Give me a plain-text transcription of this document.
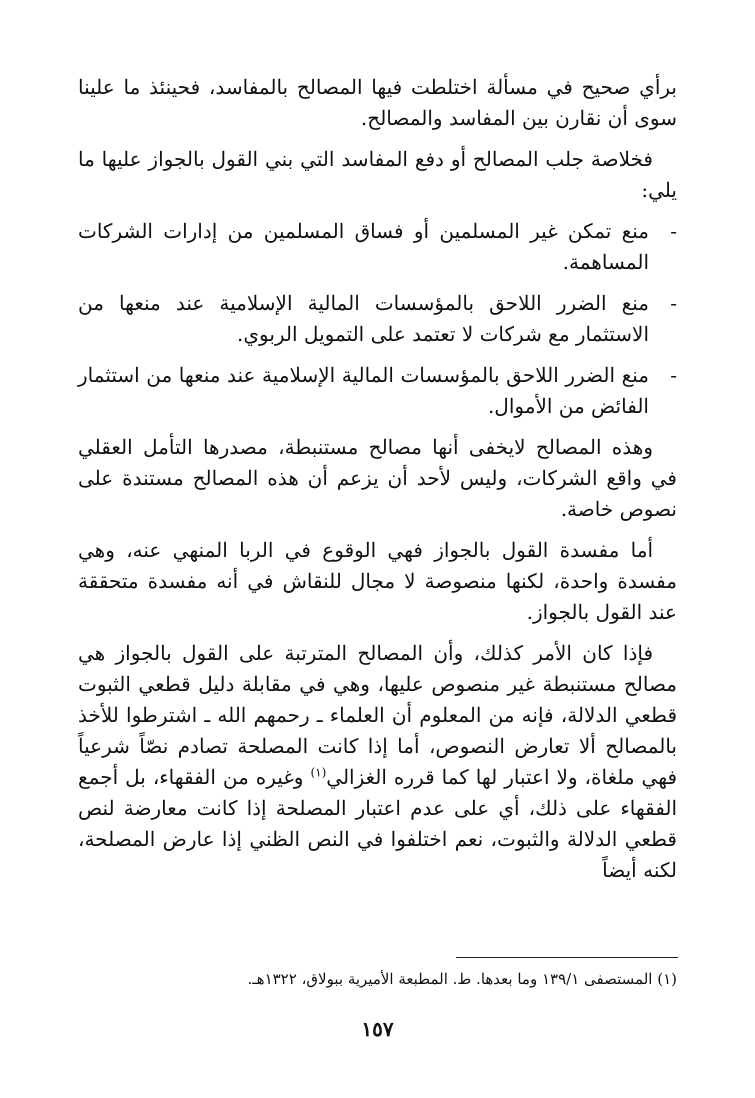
برأي صحيح في مسألة اختلطت فيها المصالح بالمفاسد، فحينئذ ما علينا سوى أن نقارن بين المفاسد والمصالح.

فخلاصة جلب المصالح أو دفع المفاسد التي بني القول بالجواز عليها ما يلي:

-
منع تمكن غير المسلمين أو فساق المسلمين من إدارات الشركات المساهمة.
-
منع الضرر اللاحق بالمؤسسات المالية الإسلامية عند منعها من الاستثمار مع شركات لا تعتمد على التمويل الربوي.
-
منع الضرر اللاحق بالمؤسسات المالية الإسلامية عند منعها من استثمار الفائض من الأموال.

وهذه المصالح لايخفى أنها مصالح مستنبطة، مصدرها التأمل العقلي في واقع الشركات، وليس لأحد أن يزعم أن هذه المصالح مستندة على نصوص خاصة.

أما مفسدة القول بالجواز فهي الوقوع في الربا المنهي عنه، وهي مفسدة واحدة، لكنها منصوصة لا مجال للنقاش في أنه مفسدة متحققة عند القول بالجواز.

فإذا كان الأمر كذلك، وأن المصالح المترتبة على القول بالجواز هي مصالح مستنبطة غير منصوص عليها، وهي في مقابلة دليل قطعي الثبوت قطعي الدلالة، فإنه من المعلوم أن العلماء ـ رحمهم الله ـ اشترطوا للأخذ بالمصالح ألا تعارض النصوص، أما إذا كانت المصلحة تصادم نصّاً شرعياً فهي ملغاة، ولا اعتبار لها كما قرره الغزالي$^{(١)}$ وغيره من الفقهاء، بل أجمع الفقهاء على ذلك، أي على عدم اعتبار المصلحة إذا كانت معارضة لنص قطعي الدلالة والثبوت، نعم اختلفوا في النص الظني إذا عارض المصلحة، لكنه أيضاً

(١) المستصفى ١٣٩/١ وما بعدها. ط. المطبعة الأميرية ببولاق، ١٣٢٢هـ.
١٥٧
